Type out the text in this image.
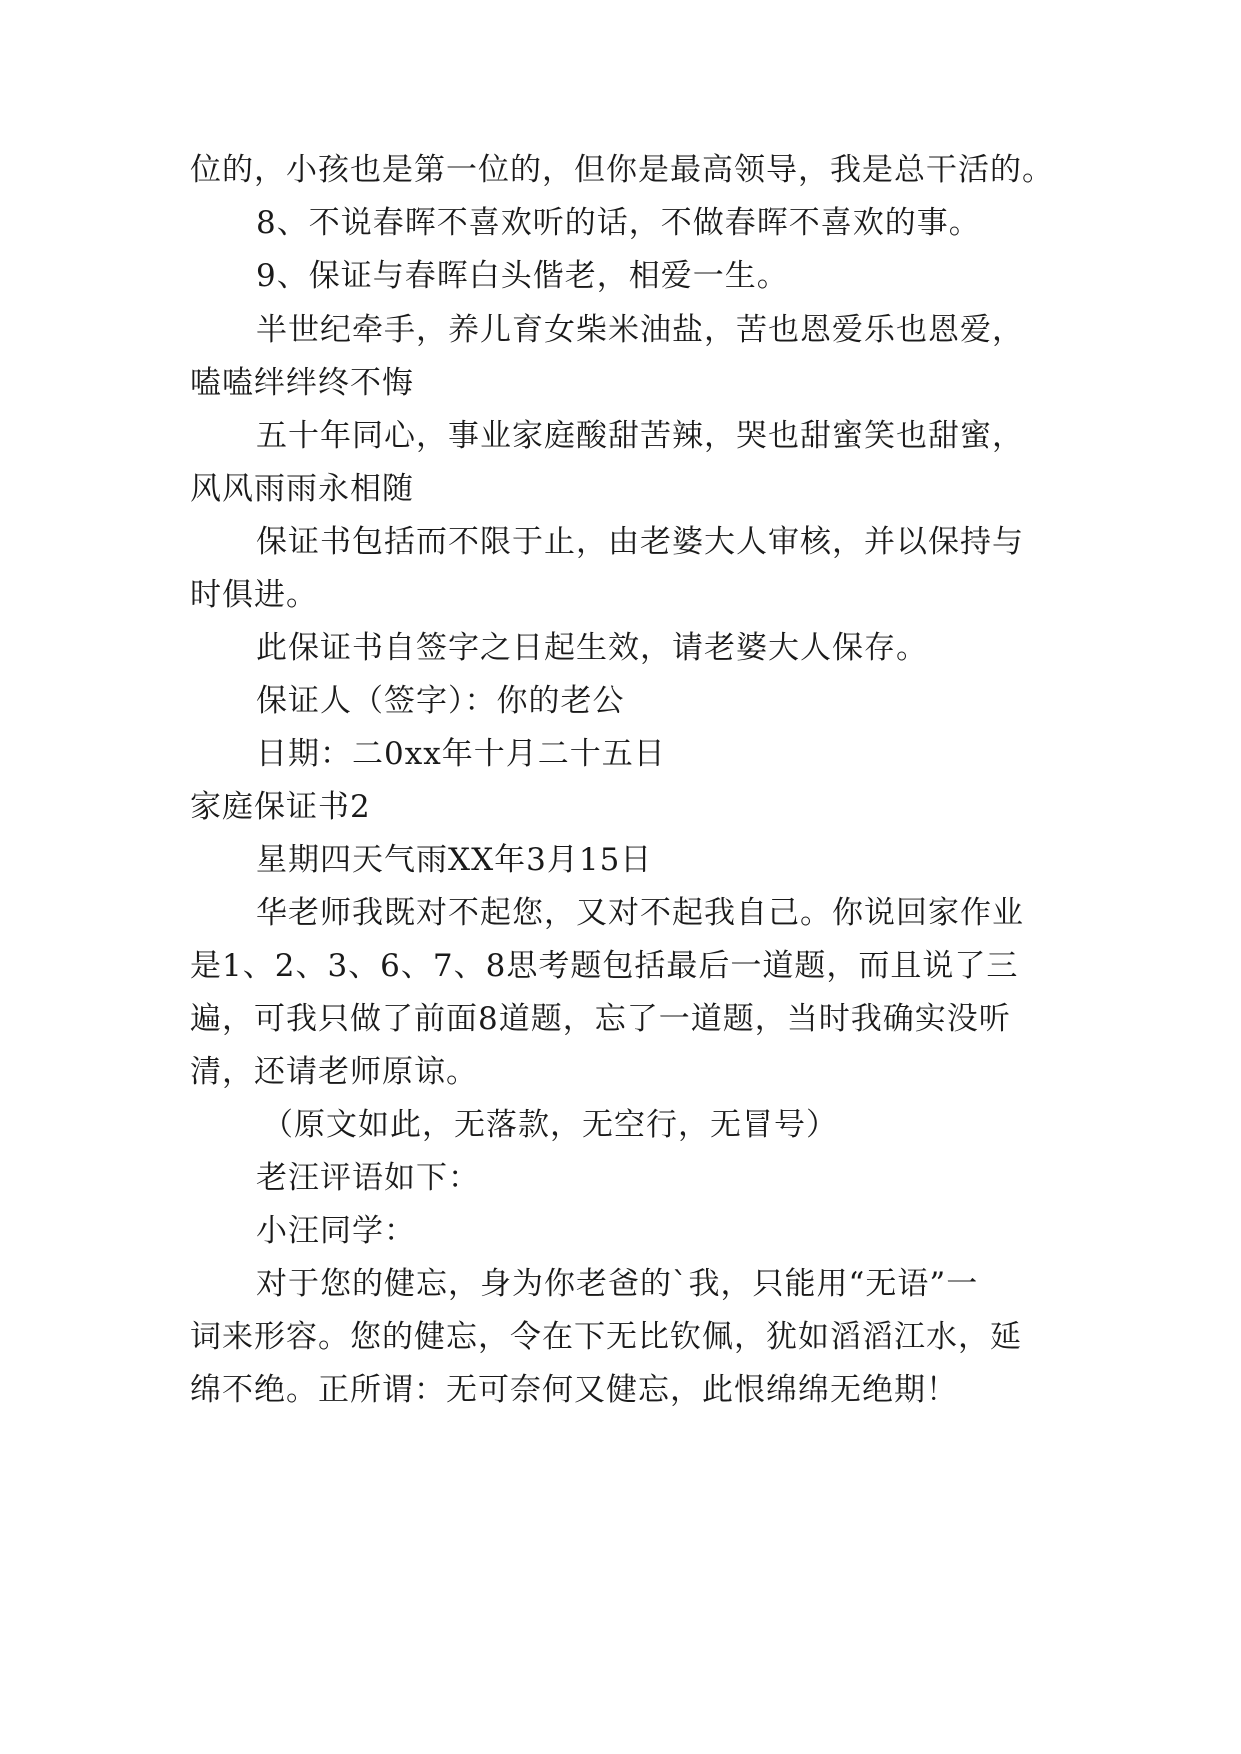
位的，小孩也是第一位的，但你是最高领导，我是总干活的。
8、不说春晖不喜欢听的话，不做春晖不喜欢的事。
9、保证与春晖白头偕老，相爱一生。
半世纪牵手，养儿育女柴米油盐，苦也恩爱乐也恩爱，
嗑嗑绊绊终不悔
五十年同心，事业家庭酸甜苦辣，哭也甜蜜笑也甜蜜，
风风雨雨永相随
保证书包括而不限于止，由老婆大人审核，并以保持与
时俱进。
此保证书自签字之日起生效，请老婆大人保存。
保证人（签字）：你的老公
日期：二0xx年十月二十五日
家庭保证书2
星期四天气雨XX年3月15日
华老师我既对不起您，又对不起我自己。你说回家作业
是1、2、3、6、7、8思考题包括最后一道题，而且说了三
遍，可我只做了前面8道题，忘了一道题，当时我确实没听
清，还请老师原谅。
（原文如此，无落款，无空行，无冒号）
老汪评语如下：
小汪同学：
对于您的健忘，身为你老爸的`我，只能用“无语”一
词来形容。您的健忘，令在下无比钦佩，犹如滔滔江水，延
绵不绝。正所谓：无可奈何又健忘，此恨绵绵无绝期！
